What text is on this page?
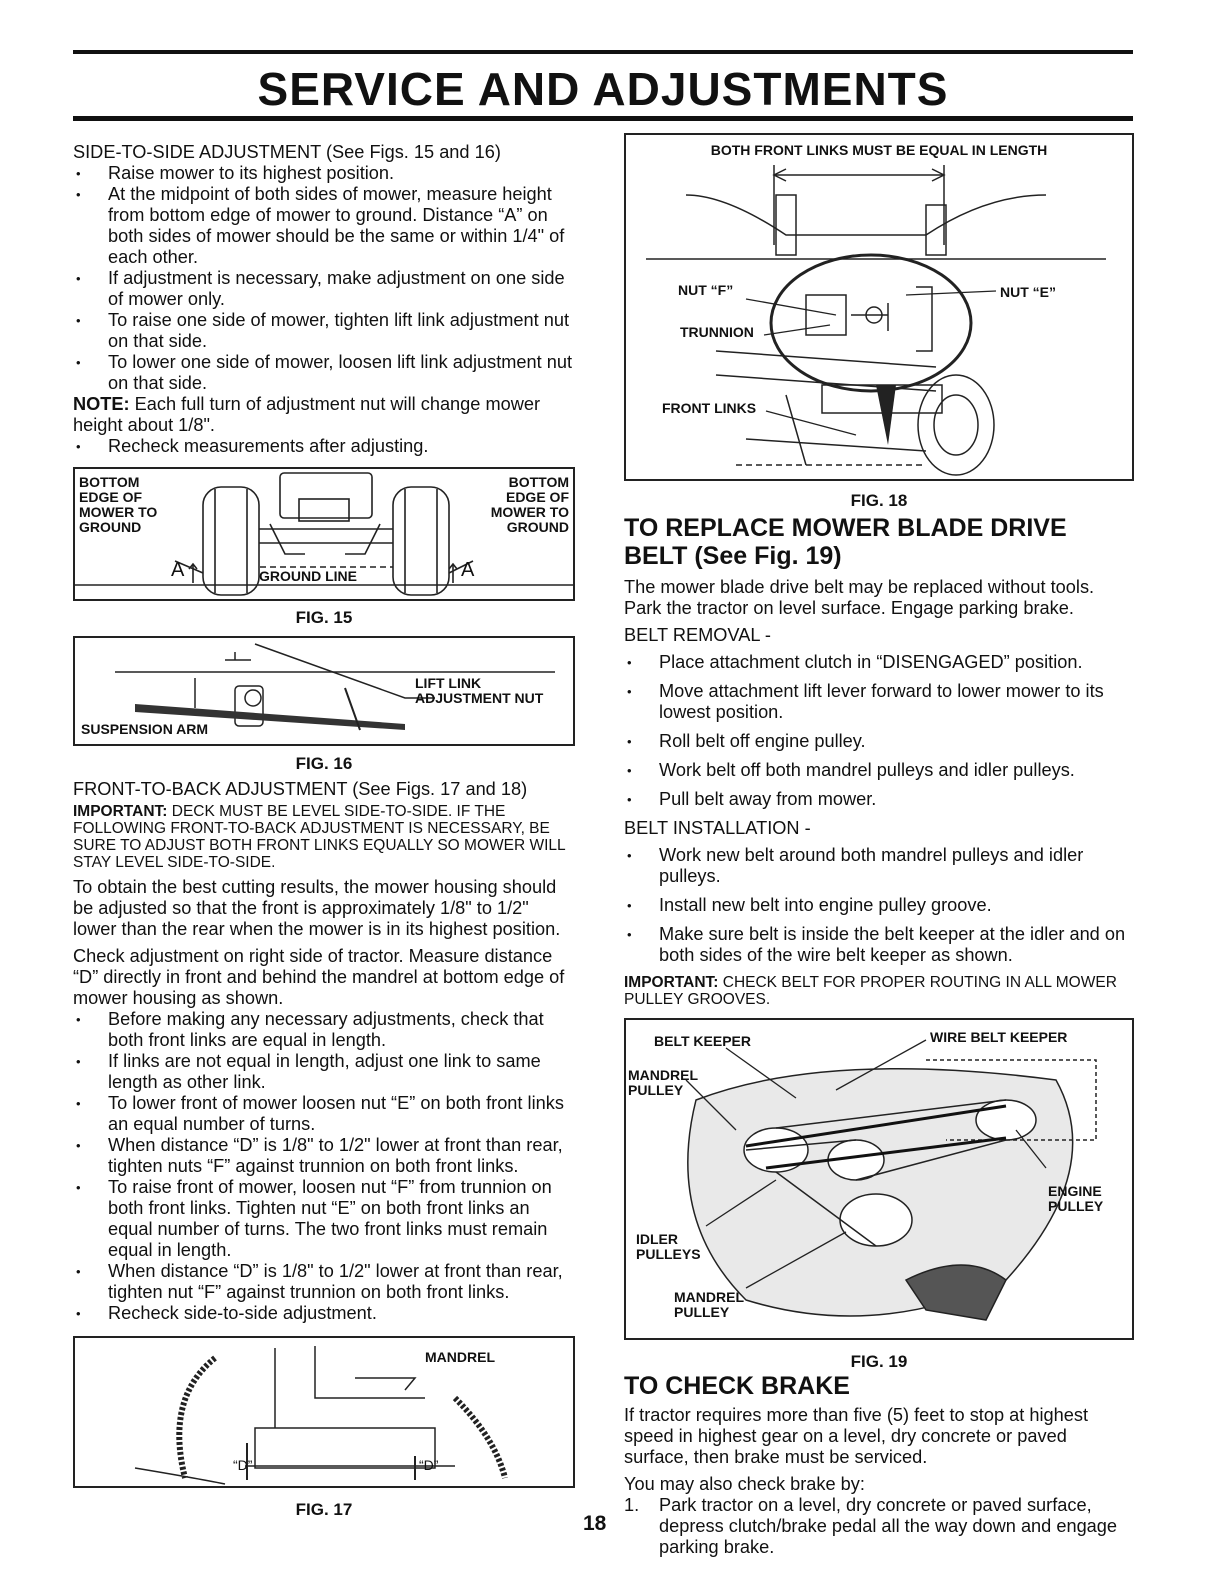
SERVICE AND ADJUSTMENTS

SIDE-TO-SIDE ADJUSTMENT (See Figs. 15 and 16)

• Raise mower to its highest position.
• At the midpoint of both sides of mower, measure height from bottom edge of mower to ground. Distance “A” on both sides of mower should be the same or within 1/4" of each other.
• If adjustment is necessary, make adjustment on one side of mower only.
• To raise one side of mower, tighten lift link adjustment nut on that side.
• To lower one side of mower, loosen lift link adjustment nut on that side.

NOTE: Each full turn of adjustment nut will change mower height about 1/8".

• Recheck measurements after adjusting.
BOTTOM
EDGE OF
MOWER TO
GROUND
BOTTOM
EDGE OF
MOWER TO
GROUND
GROUND LINE
A	A
FIG. 15
LIFT LINK
ADJUSTMENT NUT
SUSPENSION ARM
FIG. 16

FRONT-TO-BACK ADJUSTMENT (See Figs. 17 and 18)

IMPORTANT: DECK MUST BE LEVEL SIDE-TO-SIDE. IF THE FOLLOWING FRONT-TO-BACK ADJUSTMENT IS NECESSARY, BE SURE TO ADJUST BOTH FRONT LINKS EQUALLY SO MOWER WILL STAY LEVEL SIDE-TO-SIDE.

To obtain the best cutting results, the mower housing should be adjusted so that the front is approximately 1/8" to 1/2" lower than the rear when the mower is in its highest position.

Check adjustment on right side of tractor. Measure distance “D” directly in front and behind the mandrel at bottom edge of mower housing as shown.

• Before making any necessary adjustments, check that both front links are equal in length.
• If links are not equal in length, adjust one link to same length as other link.
• To lower front of mower loosen nut “E” on both front links an equal number of turns.
• When distance “D” is 1/8" to 1/2" lower at front than rear, tighten nuts “F” against trunnion on both front links.
• To raise front of mower, loosen nut “F” from trunnion on both front links. Tighten nut “E” on both front links an equal number of turns. The two front links must remain equal in length.
• When distance “D” is 1/8" to 1/2" lower at front than rear, tighten nut “F” against trunnion on both front links.
• Recheck side-to-side adjustment.
MANDREL
“D”	“D”
FIG. 17
18
BOTH FRONT LINKS MUST BE EQUAL IN LENGTH
NUT “F”	NUT “E”
TRUNNION
FRONT LINKS
FIG. 18

TO REPLACE MOWER BLADE DRIVE BELT (See Fig. 19)

The mower blade drive belt may be replaced without tools. Park the tractor on level surface. Engage parking brake.

BELT REMOVAL -

• Place attachment clutch in “DISENGAGED” position.
• Move attachment lift lever forward to lower mower to its lowest position.
• Roll belt off engine pulley.
• Work belt off both mandrel pulleys and idler pulleys.
• Pull belt away from mower.

BELT INSTALLATION -

• Work new belt around both mandrel pulleys and idler pulleys.
• Install new belt into engine pulley groove.
• Make sure belt is inside the belt keeper at the idler and on both sides of the wire belt keeper as shown.

IMPORTANT: CHECK BELT FOR PROPER ROUTING IN ALL MOWER PULLEY GROOVES.

BELT KEEPER	WIRE BELT KEEPER
MANDREL
PULLEY
ENGINE
PULLEY
IDLER
PULLEYS
MANDREL
PULLEY
FIG. 19

TO CHECK BRAKE

If tractor requires more than five (5) feet to stop at highest speed in highest gear on a level, dry concrete or paved surface, then brake must be serviced.

You may also check brake by:

1. Park tractor on a level, dry concrete or paved surface, depress clutch/brake pedal all the way down and engage parking brake.
